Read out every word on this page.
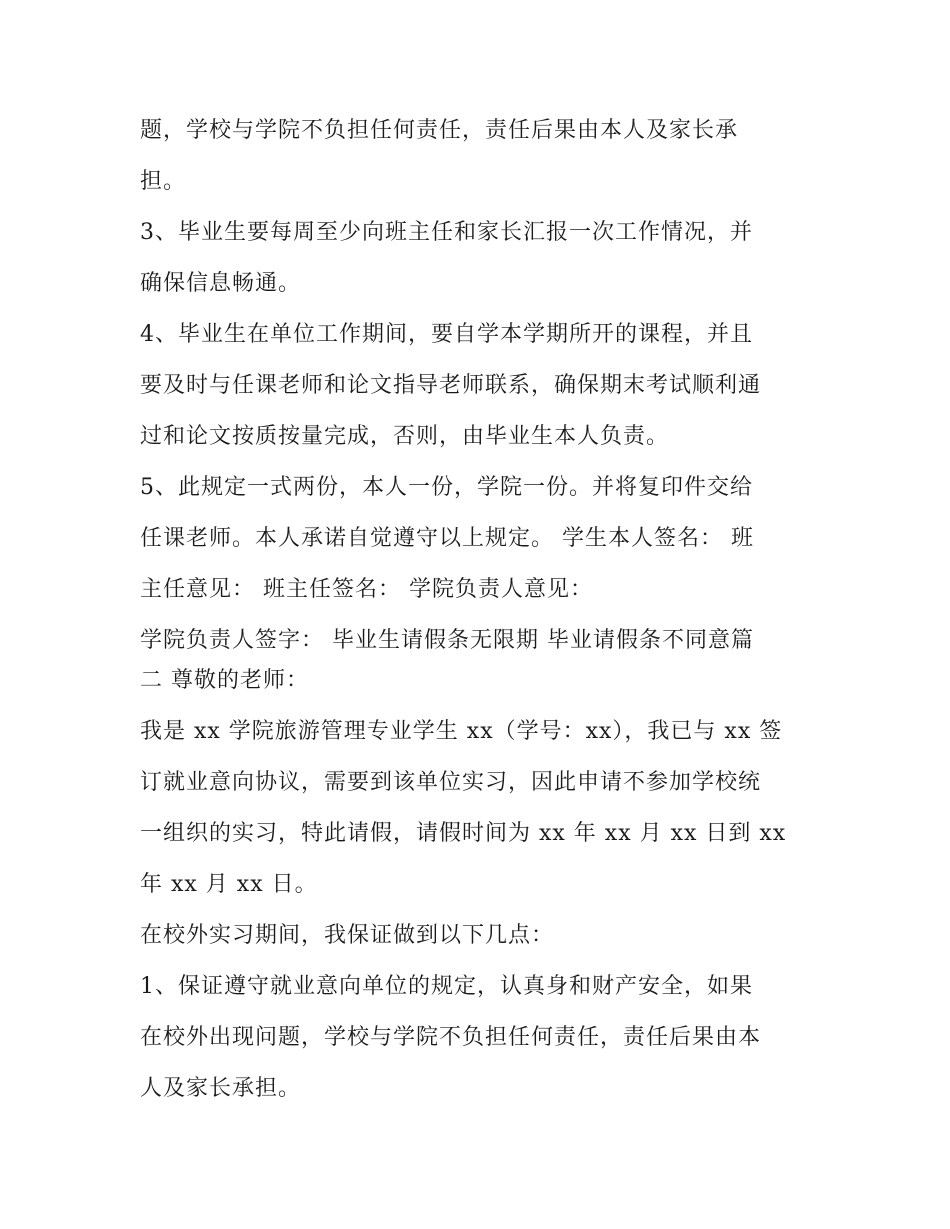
题，学校与学院不负担任何责任，责任后果由本人及家长承
担。
3、毕业生要每周至少向班主任和家长汇报一次工作情况，并
确保信息畅通。
4、毕业生在单位工作期间，要自学本学期所开的课程，并且
要及时与任课老师和论文指导老师联系，确保期末考试顺利通
过和论文按质按量完成，否则，由毕业生本人负责。
5、此规定一式两份，本人一份，学院一份。并将复印件交给
任课老师。本人承诺自觉遵守以上规定。 学生本人签名： 班
主任意见： 班主任签名： 学院负责人意见：
学院负责人签字： 毕业生请假条无限期 毕业请假条不同意篇
二 尊敬的老师：
我是 xx 学院旅游管理专业学生 xx（学号：xx），我已与 xx 签
订就业意向协议，需要到该单位实习，因此申请不参加学校统
一组织的实习，特此请假，请假时间为 xx 年 xx 月 xx 日到 xx
年 xx 月 xx 日。
在校外实习期间，我保证做到以下几点：
1、保证遵守就业意向单位的规定，认真身和财产安全，如果
在校外出现问题，学校与学院不负担任何责任，责任后果由本
人及家长承担。
